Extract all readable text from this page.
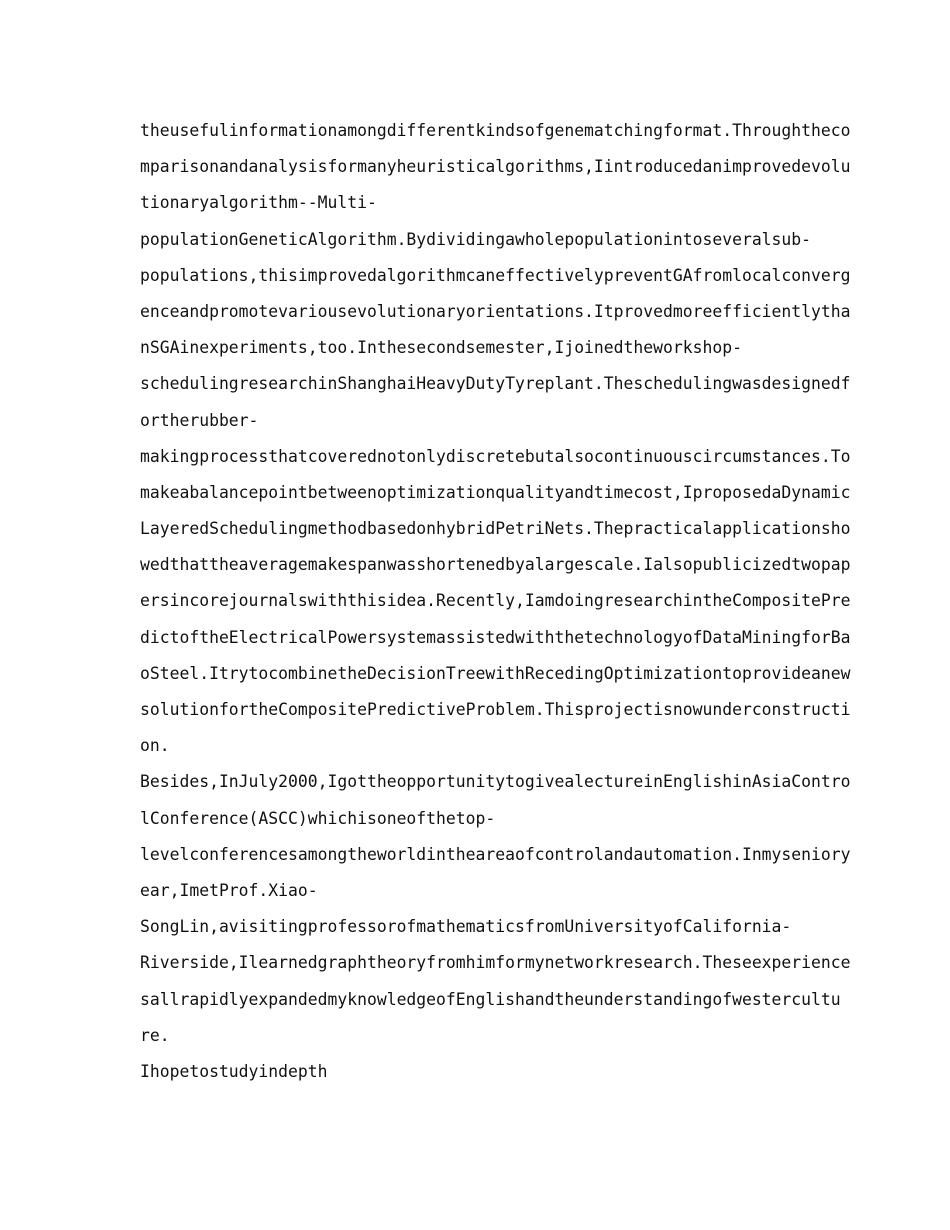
theusefulinformationamongdifferentkindsofgenematchingformat.Throughtheco
mparisonandanalysisformanyheuristicalgorithms,Iintroducedanimprovedevolu
tionaryalgorithm--Multi-
populationGeneticAlgorithm.Bydividingawholepopulationintoseveralsub-
populations,thisimprovedalgorithmcaneffectivelypreventGAfromlocalconverg
enceandpromotevariousevolutionaryorientations.Itprovedmoreefficientlytha
nSGAinexperiments,too.Inthesecondsemester,Ijoinedtheworkshop-
schedulingresearchinShanghaiHeavyDutyTyreplant.Theschedulingwasdesignedf
ortherubber-
makingprocessthatcoverednotonlydiscretebutalsocontinuouscircumstances.To
makeabalancepointbetweenoptimizationqualityandtimecost,IproposedaDynamic
LayeredSchedulingmethodbasedonhybridPetriNets.Thepracticalapplicationsho
wedthattheaveragemakespanwasshortenedbyalargescale.Ialsopublicizedtwopap
ersincorejournalswiththisidea.Recently,IamdoingresearchintheCompositePre
dictoftheElectricalPowersystemassistedwiththetechnologyofDataMiningforBa
oSteel.ItrytocombinetheDecisionTreewithRecedingOptimizationtoprovideanew
solutionfortheCompositePredictiveProblem.Thisprojectisnowunderconstructi
on.
Besides,InJuly2000,IgottheopportunitytogivealectureinEnglishinAsiaContro
lConference(ASCC)whichisoneofthetop-
levelconferencesamongtheworldintheareaofcontrolandautomation.Inmyseniory
ear,ImetProf.Xiao-
SongLin,avisitingprofessorofmathematicsfromUniversityofCalifornia-
Riverside,Ilearnedgraphtheoryfromhimformynetworkresearch.Theseexperience
sallrapidlyexpandedmyknowledgeofEnglishandtheunderstandingofwestercultu
re.
Ihopetostudyindepth
